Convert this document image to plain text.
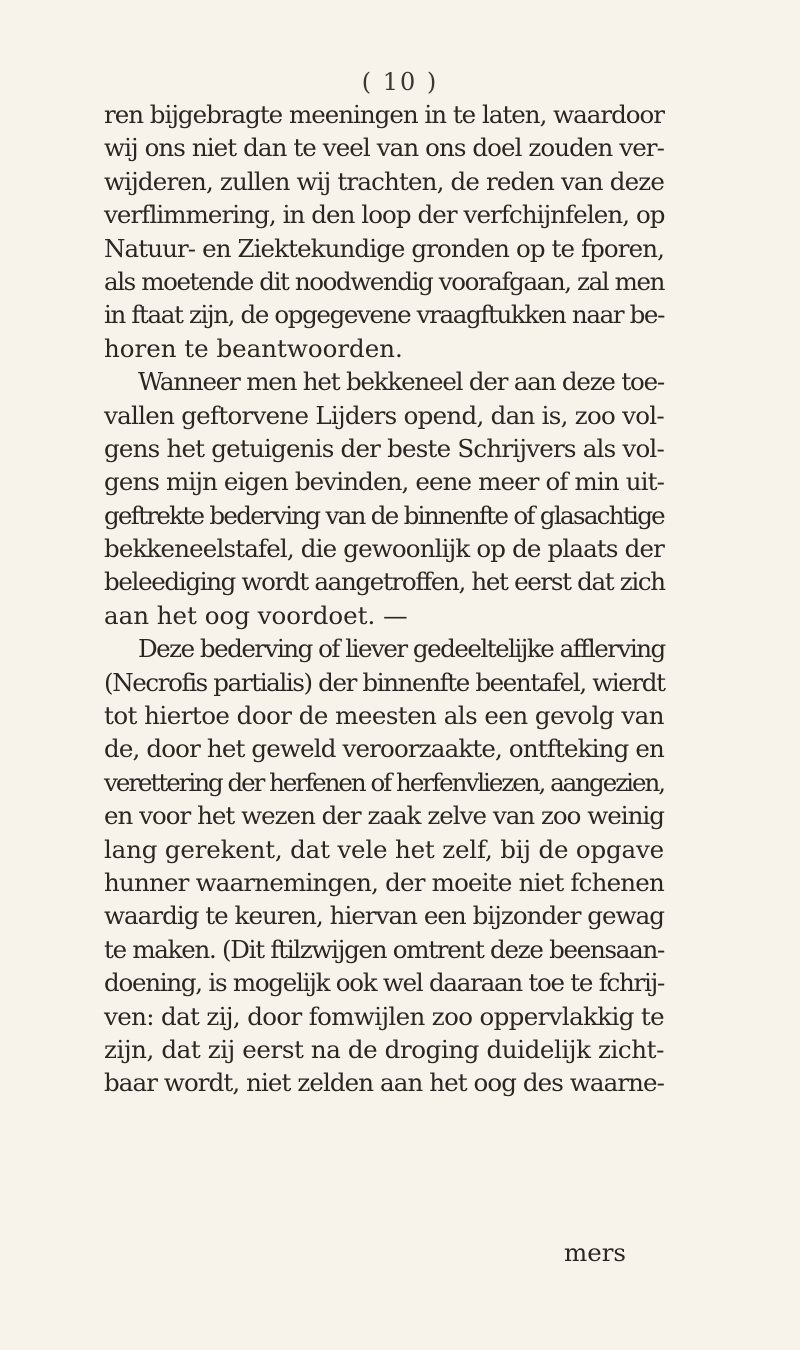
( 10 )
ren bijgebragte meeningen in te laten, waardoor
wij ons niet dan te veel van ons doel zouden ver-
wijderen, zullen wij trachten, de reden van deze
verflimmering, in den loop der verfchijnfelen, op
Natuur- en Ziektekundige gronden op te fporen,
als moetende dit noodwendig voorafgaan, zal men
in ftaat zijn, de opgegevene vraagftukken naar be-
horen te beantwoorden.
Wanneer men het bekkeneel der aan deze toe-
vallen geftorvene Lijders opend, dan is, zoo vol-
gens het getuigenis der beste Schrijvers als vol-
gens mijn eigen bevinden, eene meer of min uit-
geftrekte bederving van de binnenfte of glasachtige
bekkeneelstafel, die gewoonlijk op de plaats der
beleediging wordt aangetroffen, het eerst dat zich
aan het oog voordoet. —
Deze bederving of liever gedeeltelijke afflerving
(Necrofis partialis) der binnenfte beentafel, wierdt
tot hiertoe door de meesten als een gevolg van
de, door het geweld veroorzaakte, ontfteking en
verettering der herfenen of herfenvliezen, aangezien,
en voor het wezen der zaak zelve van zoo weinig
lang gerekent, dat vele het zelf, bij de opgave
hunner waarnemingen, der moeite niet fchenen
waardig te keuren, hiervan een bijzonder gewag
te maken. (Dit ftilzwijgen omtrent deze beensaan-
doening, is mogelijk ook wel daaraan toe te fchrij-
ven: dat zij, door fomwijlen zoo oppervlakkig te
zijn, dat zij eerst na de droging duidelijk zicht-
baar wordt, niet zelden aan het oog des waarne-
mers
